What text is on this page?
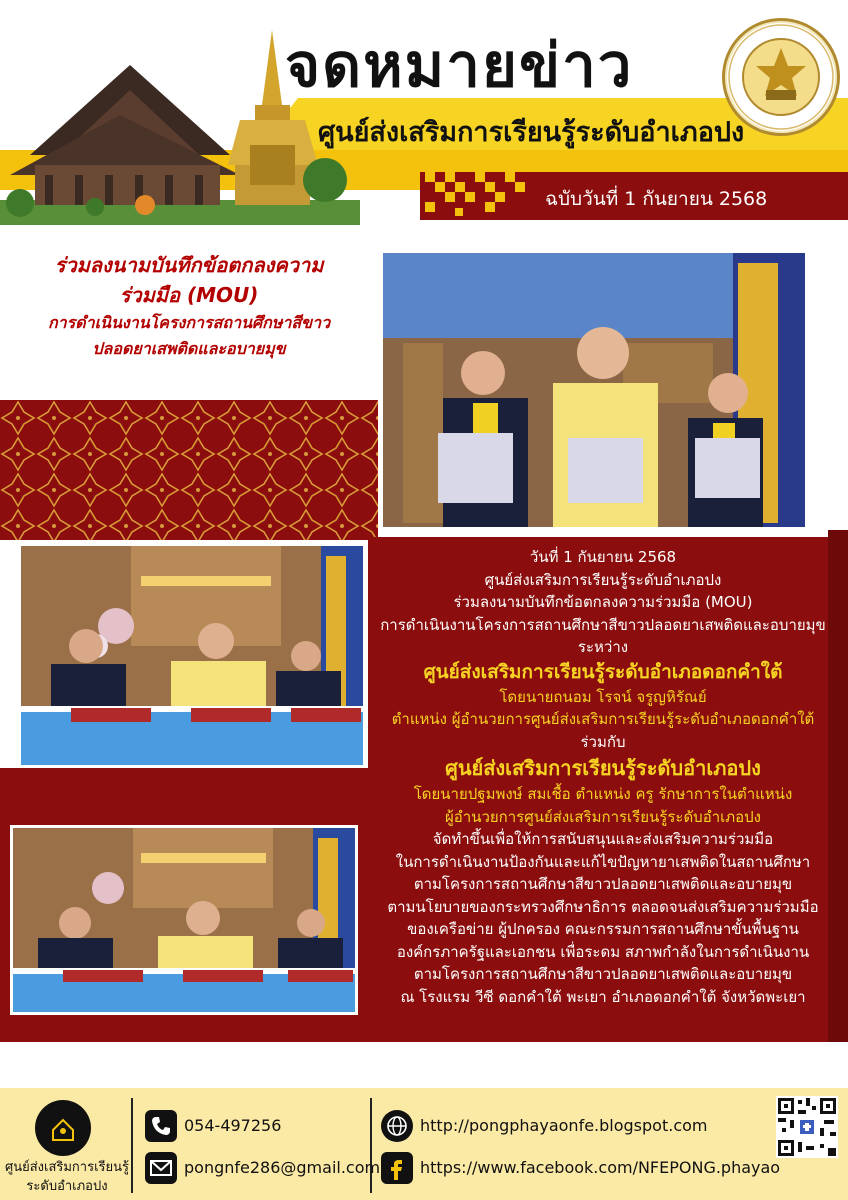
จดหมายข่าว
ศูนย์ส่งเสริมการเรียนรู้ระดับอำเภอปง
ฉบับวันที่ 1 กันยายน 2568
ร่วมลงนามบันทึกข้อตกลงความ
ร่วมมือ (MOU)
การดำเนินงานโครงการสถานศึกษาสีขาว
ปลอดยาเสพติดและอบายมุข
วันที่ 1 กันยายน 2568
ศูนย์ส่งเสริมการเรียนรู้ระดับอำเภอปง
ร่วมลงนามบันทึกข้อตกลงความร่วมมือ (MOU)
การดำเนินงานโครงการสถานศึกษาสีขาวปลอดยาเสพติดและอบายมุข
ระหว่าง
ศูนย์ส่งเสริมการเรียนรู้ระดับอำเภอดอกคำใต้
โดยนายถนอม โรจน์ จรูญหิรัณย์
ตำแหน่ง ผู้อำนวยการศูนย์ส่งเสริมการเรียนรู้ระดับอำเภอดอกคำใต้
ร่วมกับ
ศูนย์ส่งเสริมการเรียนรู้ระดับอำเภอปง
โดยนายปฐมพงษ์ สมเชื้อ ตำแหน่ง ครู รักษาการในตำแหน่ง
ผู้อำนวยการศูนย์ส่งเสริมการเรียนรู้ระดับอำเภอปง
จัดทำขึ้นเพื่อให้การสนับสนุนและส่งเสริมความร่วมมือ
ในการดำเนินงานป้องกันและแก้ไขปัญหายาเสพติดในสถานศึกษา
ตามโครงการสถานศึกษาสีขาวปลอดยาเสพติดและอบายมุข
ตามนโยบายของกระทรวงศึกษาธิการ ตลอดจนส่งเสริมความร่วมมือ
ของเครือข่าย ผู้ปกครอง คณะกรรมการสถานศึกษาขั้นพื้นฐาน
องค์กรภาครัฐและเอกชน เพื่อระดม สภาพกำลังในการดำเนินงาน
ตามโครงการสถานศึกษาสีขาวปลอดยาเสพติดและอบายมุข
ณ โรงแรม วีซี ดอกคำใต้ พะเยา อำเภอดอกคำใต้ จังหวัดพะเยา
ศูนย์ส่งเสริมการเรียนรู้
ระดับอำเภอปง
054-497256
pongnfe286@gmail.com
http://pongphayaonfe.blogspot.com
https://www.facebook.com/NFEPONG.phayao
